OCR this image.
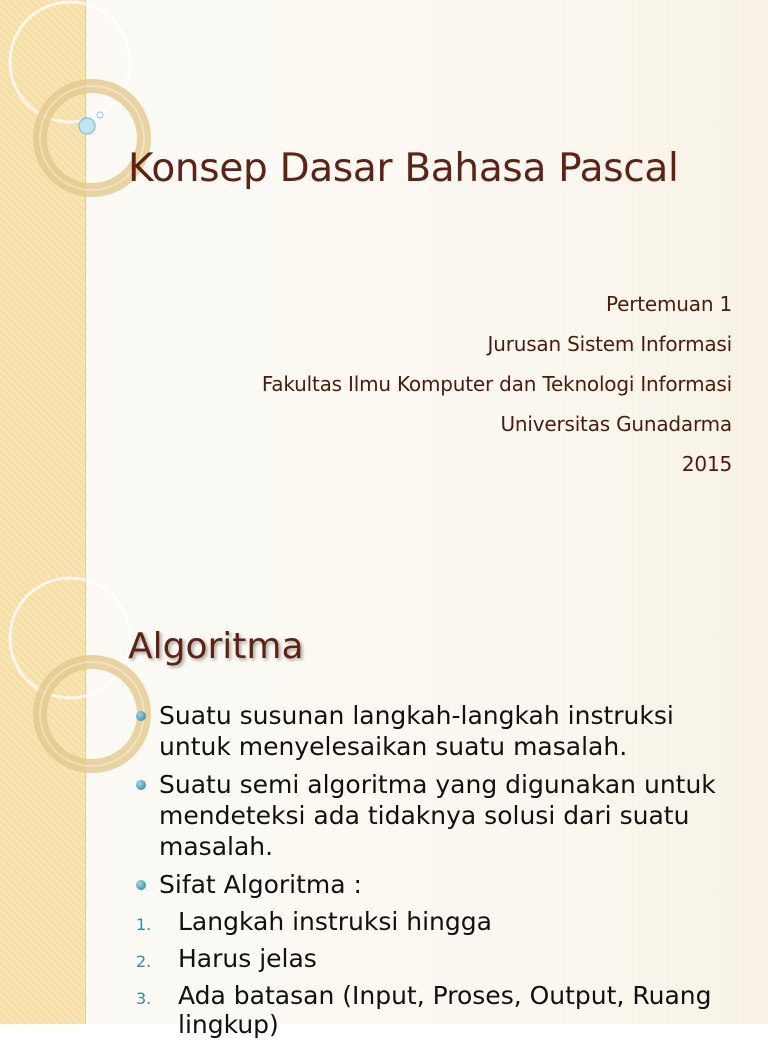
Konsep Dasar Bahasa Pascal
Pertemuan 1
Jurusan Sistem Informasi
Fakultas Ilmu Komputer dan Teknologi Informasi
Universitas Gunadarma
2015
Algoritma
Suatu susunan langkah-langkah instruksi untuk menyelesaikan suatu masalah.
Suatu semi algoritma yang digunakan untuk mendeteksi ada tidaknya solusi dari suatu masalah.
Sifat Algoritma :
1. Langkah instruksi hingga
2. Harus jelas
3. Ada batasan (Input, Proses, Output, Ruang lingkup)
